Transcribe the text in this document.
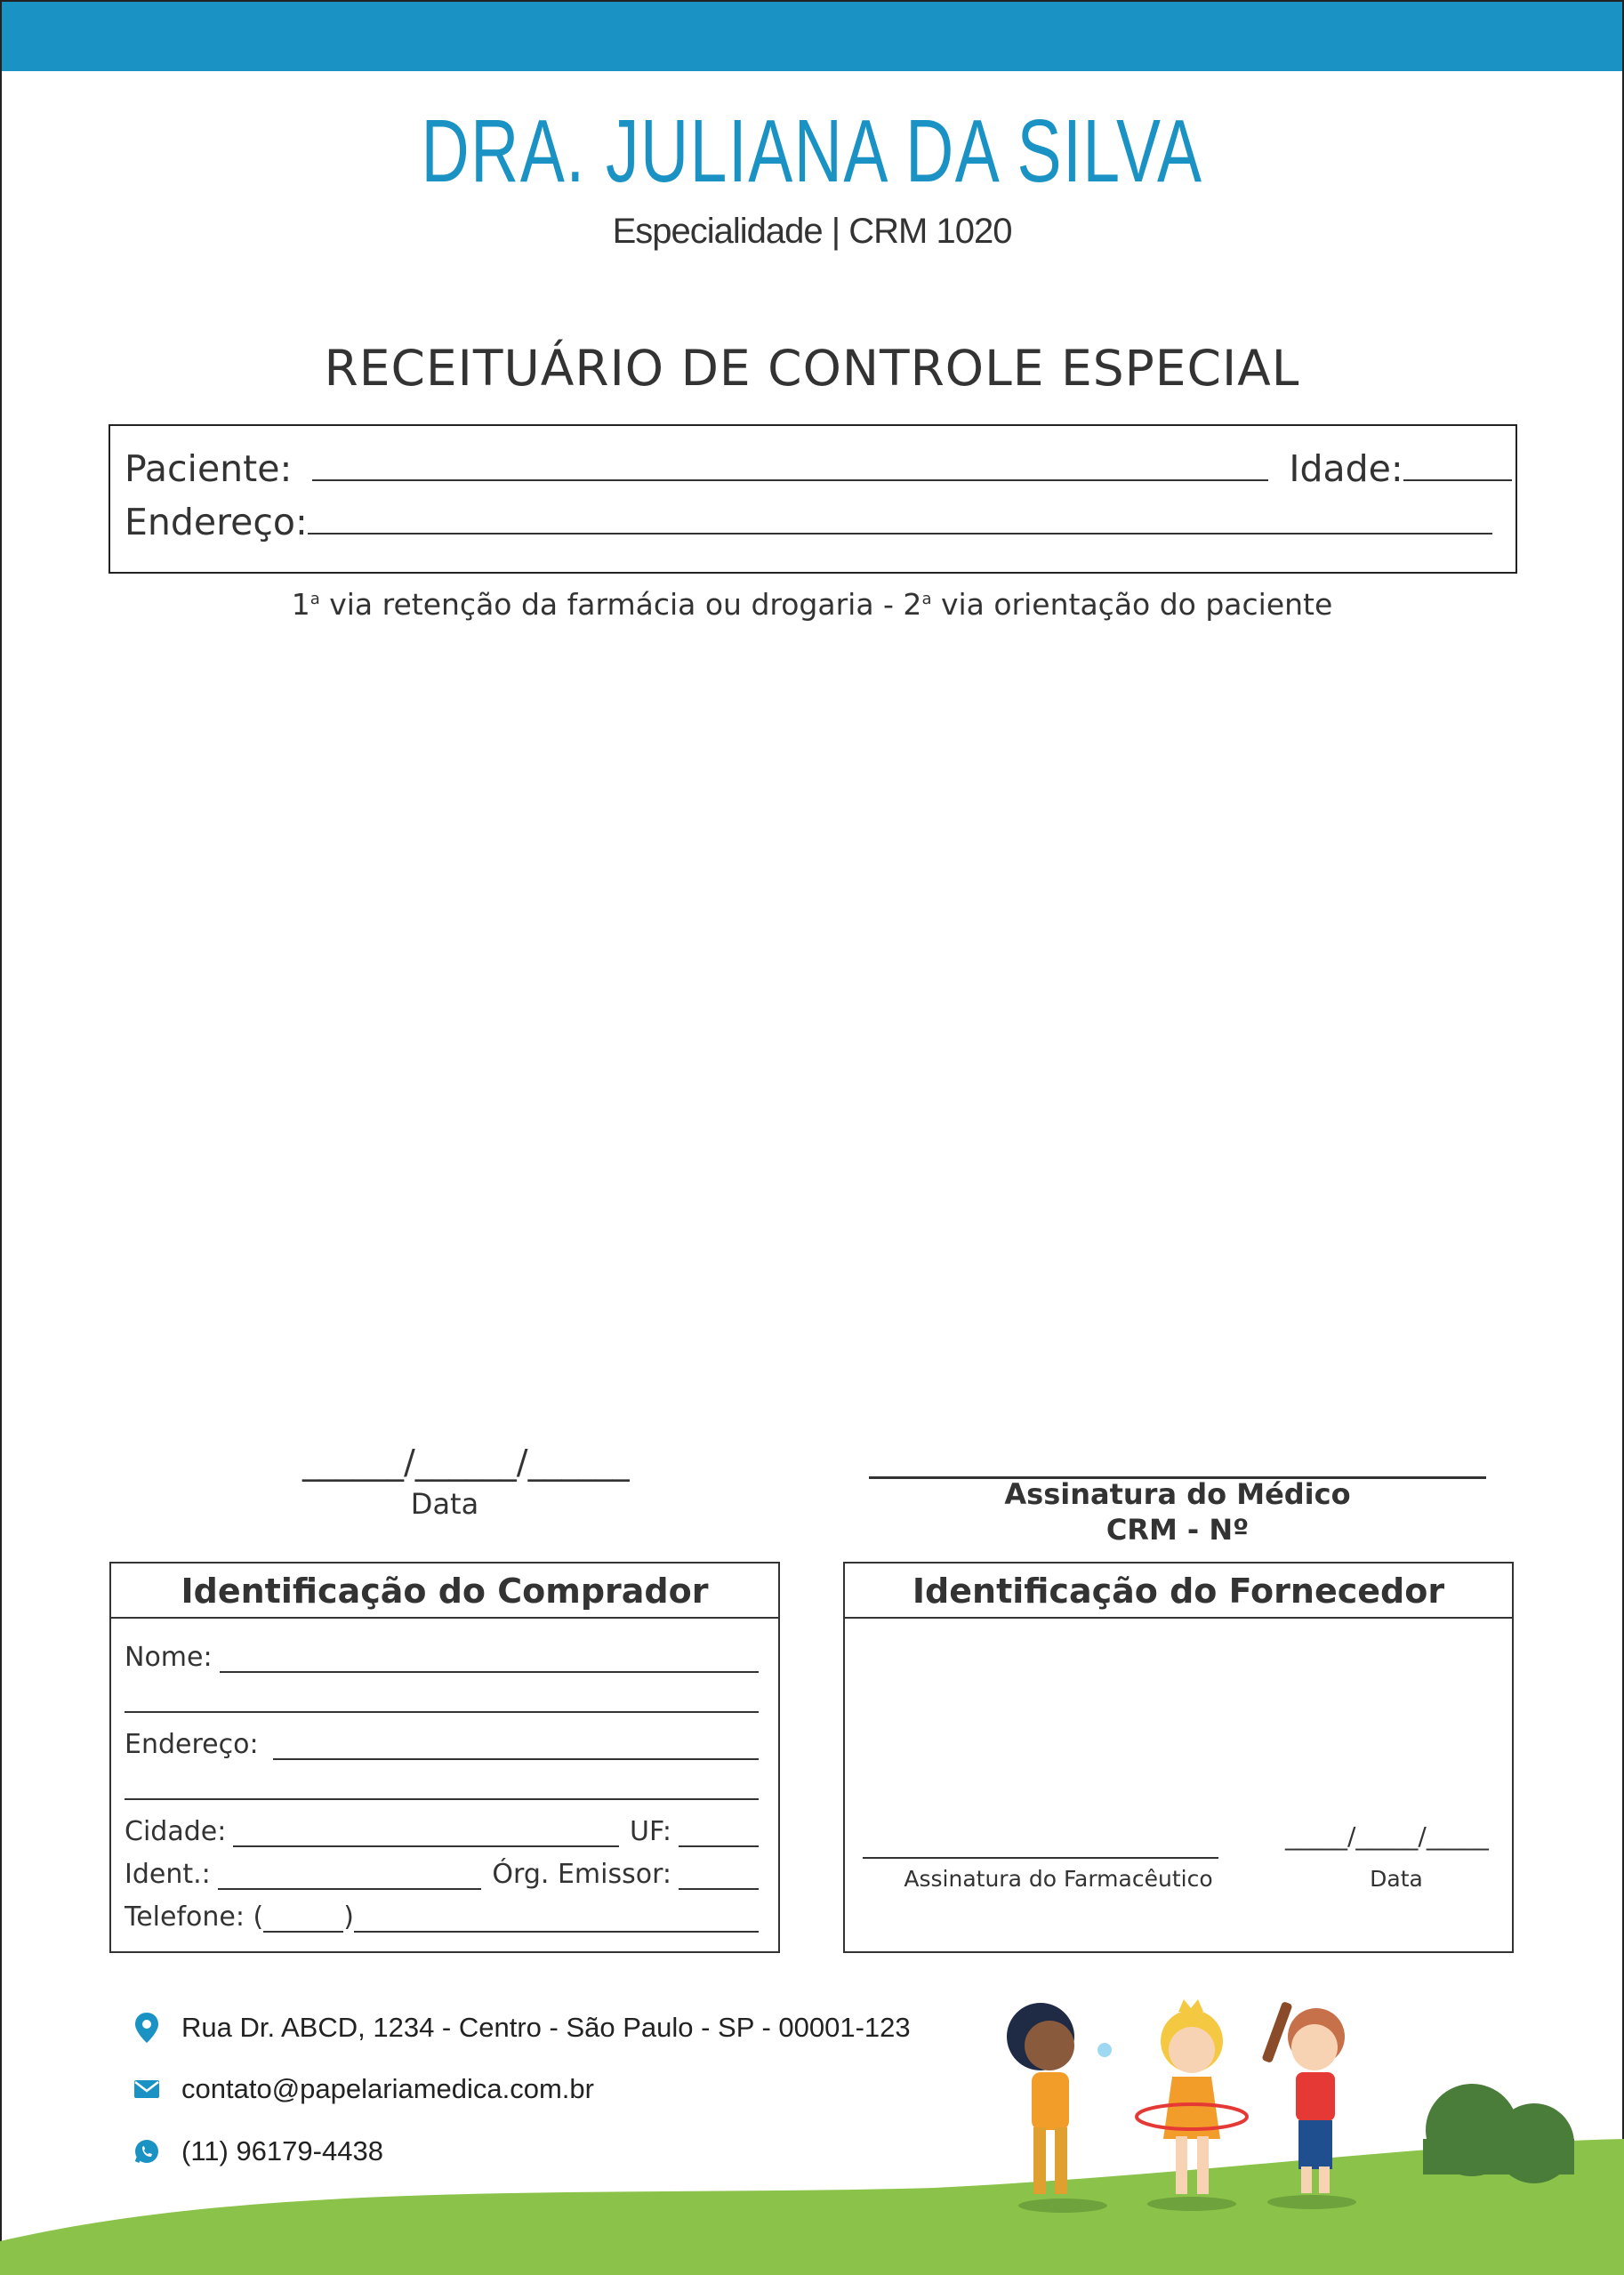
DRA. JULIANA DA SILVA
Especialidade | CRM 1020
RECEITUÁRIO DE CONTROLE ESPECIAL
Paciente:	Idade:
Endereço:
1$^a$ via retenção da farmácia ou drogaria - 2$^a$ via orientação do paciente
______/______/______
Data	Assinatura do Médico
CRM - Nº
Identificação do Comprador
Nome:
Endereço:
Cidade:	UF:
Ident.:	Órg. Emissor:
Telefone: (	)
Identificação do Fornecedor
Assinatura do Farmacêutico
_____/_____/_____
Data
Rua Dr. ABCD, 1234 - Centro - São Paulo - SP - 00001-123
contato@papelariamedica.com.br
(11) 96179-4438
